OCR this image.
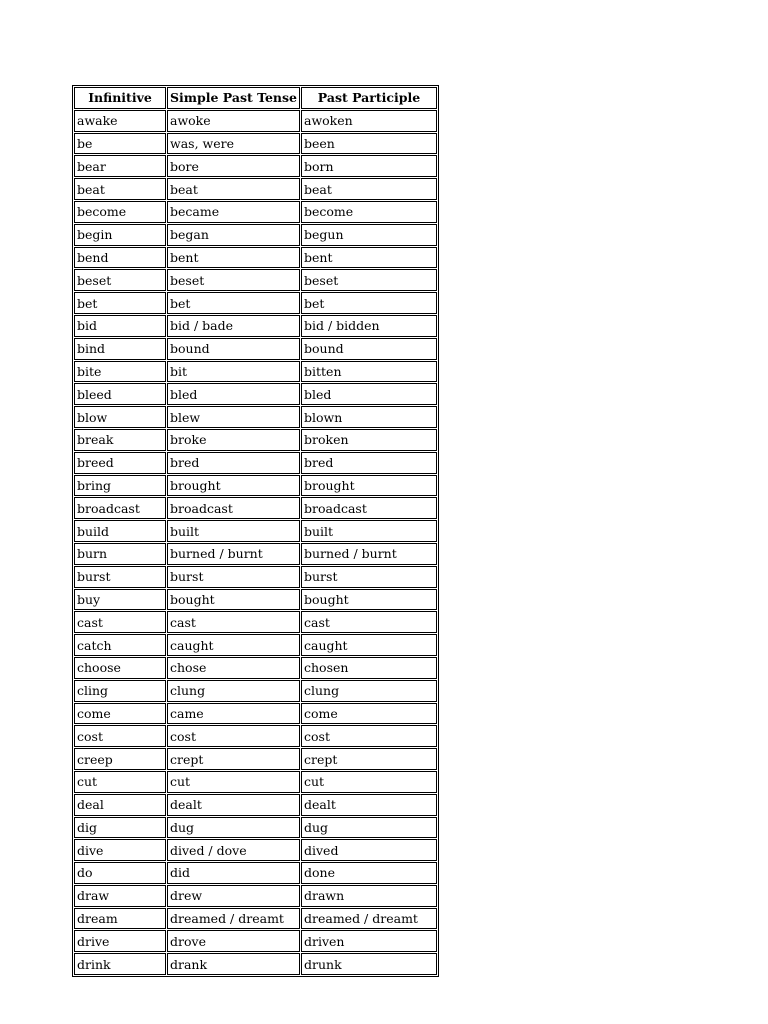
Infinitive	Simple Past Tense	Past Participle
awake	awoke	awoken
be	was, were	been
bear	bore	born
beat	beat	beat
become	became	become
begin	began	begun
bend	bent	bent
beset	beset	beset
bet	bet	bet
bid	bid / bade	bid / bidden
bind	bound	bound
bite	bit	bitten
bleed	bled	bled
blow	blew	blown
break	broke	broken
breed	bred	bred
bring	brought	brought
broadcast	broadcast	broadcast
build	built	built
burn	burned / burnt	burned / burnt
burst	burst	burst
buy	bought	bought
cast	cast	cast
catch	caught	caught
choose	chose	chosen
cling	clung	clung
come	came	come
cost	cost	cost
creep	crept	crept
cut	cut	cut
deal	dealt	dealt
dig	dug	dug
dive	dived / dove	dived
do	did	done
draw	drew	drawn
dream	dreamed / dreamt	dreamed / dreamt
drive	drove	driven
drink	drank	drunk
